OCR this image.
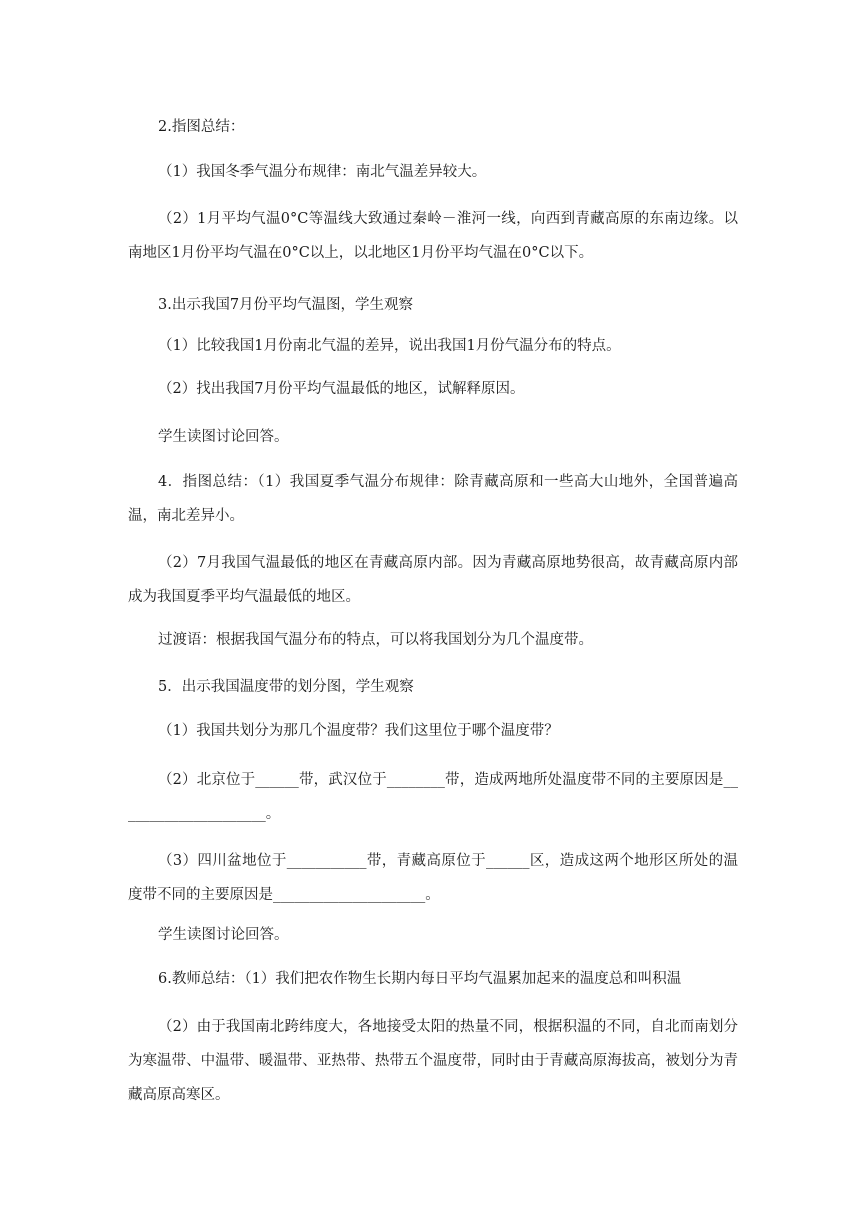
2.指图总结：

（1）我国冬季气温分布规律：南北气温差异较大。

（2）1月平均气温0°C等温线大致通过秦岭－淮河一线，向西到青藏高原的东南边缘。以南地区1月份平均气温在0°C以上，以北地区1月份平均气温在0°C以下。

3.出示我国7月份平均气温图，学生观察

（1）比较我国1月份南北气温的差异，说出我国1月份气温分布的特点。

（2）找出我国7月份平均气温最低的地区，试解释原因。

学生读图讨论回答。

4．指图总结：（1）我国夏季气温分布规律：除青藏高原和一些高大山地外，全国普遍高温，南北差异小。

（2）7月我国气温最低的地区在青藏高原内部。因为青藏高原地势很高，故青藏高原内部成为我国夏季平均气温最低的地区。

过渡语：根据我国气温分布的特点，可以将我国划分为几个温度带。

5．出示我国温度带的划分图，学生观察

（1）我国共划分为那几个温度带？我们这里位于哪个温度带？

（2）北京位于______带，武汉位于________带，造成两地所处温度带不同的主要原因是_____________________。

（3）四川盆地位于___________带，青藏高原位于______区，造成这两个地形区所处的温度带不同的主要原因是_____________________。

学生读图讨论回答。

6.教师总结：（1）我们把农作物生长期内每日平均气温累加起来的温度总和叫积温

（2）由于我国南北跨纬度大，各地接受太阳的热量不同，根据积温的不同，自北而南划分为寒温带、中温带、暖温带、亚热带、热带五个温度带，同时由于青藏高原海拔高，被划分为青藏高原高寒区。
